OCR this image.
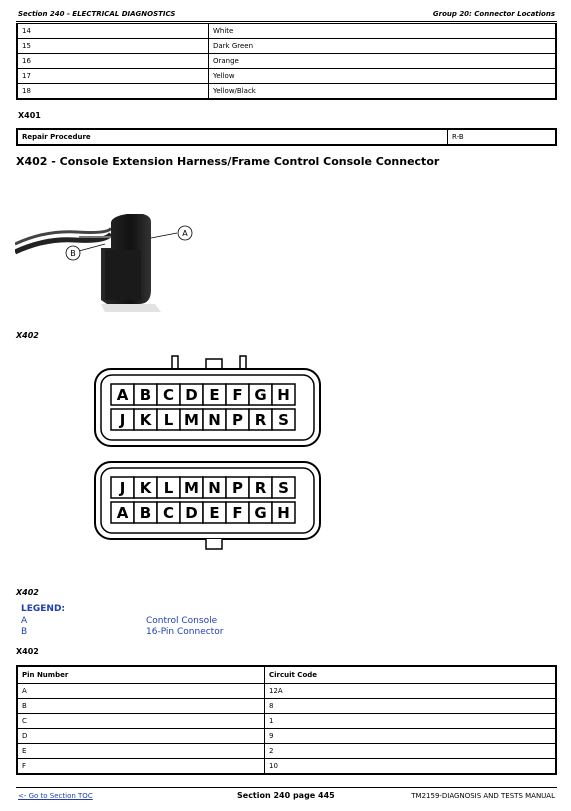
Section 240 - ELECTRICAL DIAGNOSTICS	Group 20: Connector Locations
14	White
15	Dark Green
16	Orange
17	Yellow
18	Yellow/Black
X401
Repair Procedure	R-B
X402 - Console Extension Harness/Frame Control Console Connector
A
B
X402
A B C D E F G H
J K L M N P R S
J K L M N P R S
A B C D E F G H
X402
LEGEND:
A	Control Console
B	16-Pin Connector
X402
Pin Number	Circuit Code
A	12A
B	8
C	1
D	9
E	2
F	10
<- Go to Section TOC	Section 240 page 445	TM2159-DIAGNOSIS AND TESTS MANUAL
